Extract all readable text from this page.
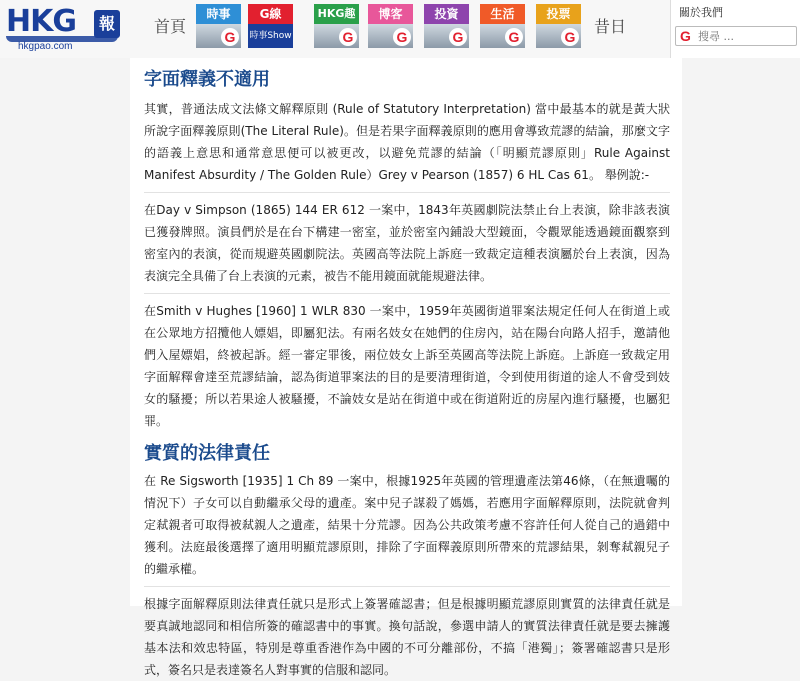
HKG	報
hkgpao.com
首頁
時事
G
G線
時事Show
HKG趣
G
博客
G
投資
G
生活
G
投票
G
昔日
關於我們
G
搜尋 ...
字面釋義不適用

其實，普通法成文法條文解釋原則 (Rule of Statutory Interpretation) 當中最基本的就是黃大狀所說字面釋義原則(The Literal Rule)。但是若果字面釋義原則的應用會導致荒謬的結論，那麼文字的語義上意思和通常意思便可以被更改，以避免荒謬的結論（「明顯荒謬原則」Rule Against Manifest Absurdity / The Golden Rule）Grey v Pearson (1857) 6 HL Cas 61。 舉例說:-

在Day v Simpson (1865) 144 ER 612 一案中，1843年英國劇院法禁止台上表演，除非該表演已獲發牌照。演員們於是在台下構建一密室，並於密室內鋪設大型鏡面，令觀眾能透過鏡面觀察到密室內的表演，從而規避英國劇院法。英國高等法院上訴庭一致裁定這種表演屬於台上表演，因為表演完全具備了台上表演的元素，被告不能用鏡面就能規避法律。

在Smith v Hughes [1960] 1 WLR 830 一案中，1959年英國街道罪案法規定任何人在街道上或在公眾地方招攬他人嫖娼，即屬犯法。有兩名妓女在她們的住房內，站在陽台向路人招手，邀請他們入屋嫖娼，終被起訴。經一審定罪後，兩位妓女上訴至英國高等法院上訴庭。上訴庭一致裁定用字面解釋會達至荒謬結論，認為街道罪案法的目的是要清理街道，令到使用街道的途人不會受到妓女的騷擾；所以若果途人被騷擾，不論妓女是站在街道中或在街道附近的房屋內進行騷擾，也屬犯罪。

實質的法律責任

在 Re Sigsworth [1935] 1 Ch 89 一案中，根據1925年英國的管理遺產法第46條，（在無遺囑的情況下）子女可以自動繼承父母的遺產。案中兒子謀殺了媽媽，若應用字面解釋原則，法院就會判定弒親者可取得被弒親人之遺產，結果十分荒謬。因為公共政策考慮不容許任何人從自己的過錯中獲利。法庭最後選擇了適用明顯荒謬原則，排除了字面釋義原則所帶來的荒謬結果，剝奪弒親兒子的繼承權。

根據字面解釋原則法律責任就只是形式上簽署確認書；但是根據明顯荒謬原則實質的法律責任就是要真誠地認同和相信所簽的確認書中的事實。換句話說，參選申請人的實質法律責任就是要去擁護基本法和效忠特區，特別是尊重香港作為中國的不可分離部份，不搞「港獨」；簽署確認書只是形式，簽名只是表達簽名人對事實的信服和認同。
